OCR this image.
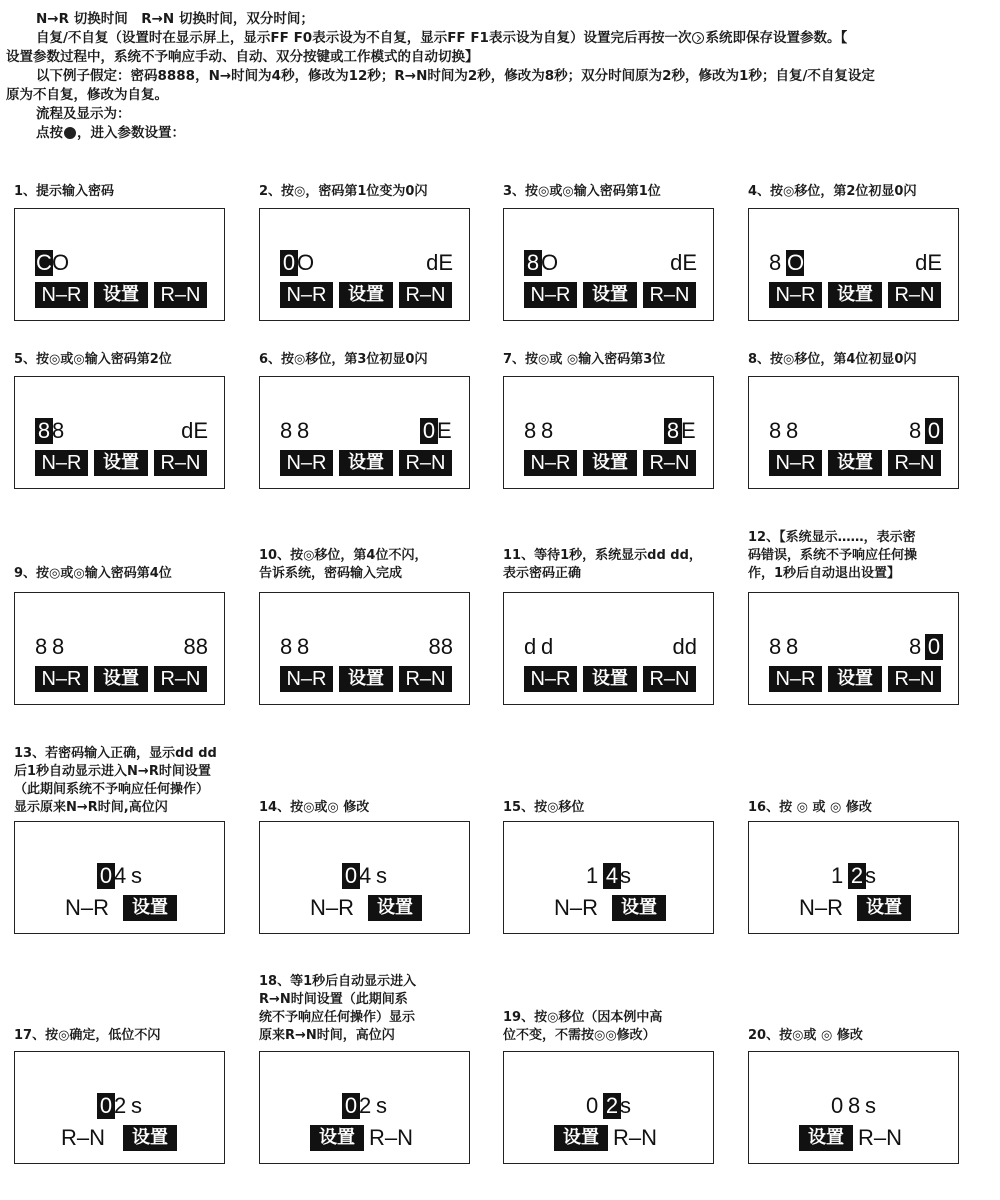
N→R 切换时间　R→N 切换时间，双分时间；
自复/不自复（设置时在显示屏上，显示FF F0表示设为不自复，显示FF F1表示设为自复）设置完后再按一次 系统即保存设置参数。【
设置参数过程中，系统不予响应手动、自动、双分按键或工作模式的自动切换】
以下例子假定：密码8888，N→时间为4秒，修改为12秒；R→N时间为2秒，修改为8秒；双分时间原为2秒，修改为1秒；自复/不自复设定
原为不自复，修改为自复。
流程及显示为：
点按 ，进入参数设置：
1、提示输入密码
C O
N–R	设置	R–N
2、按◎，密码第1位变为0闪
0 O	dE
N–R	设置	R–N
3、按◎或◎输入密码第1位
8 O	dE
N–R	设置	R–N
4、按◎移位，第2位初显0闪
8 O	dE
N–R	设置	R–N
5、按◎或◎输入密码第2位
8 8	dE
N–R	设置	R–N
6、按◎移位，第3位初显0闪
8 8	0 E
N–R	设置	R–N
7、按◎或 ◎输入密码第3位
8 8	8 E
N–R	设置	R–N
8、按◎移位，第4位初显0闪
8 8	8 0
N–R	设置	R–N
9、按◎或◎输入密码第4位
8 8	88
N–R	设置	R–N
10、按◎移位，第4位不闪，
告诉系统，密码输入完成
8 8	88
N–R	设置	R–N
11、等待1秒，系统显示dd dd，
表示密码正确
d d	dd
N–R	设置	R–N
12、【系统显示……，表示密
码错误，系统不予响应任何操
作，1秒后自动退出设置】
8 8	8 0
N–R	设置	R–N
13、若密码输入正确，显示dd dd
后1秒自动显示进入N→R时间设置
（此期间系统不予响应任何操作）
显示原来N→R时间,高位闪
0 4 s
N–R	设置
14、按◎或◎ 修改
0 4 s
N–R	设置
15、按◎移位
1 4 s
N–R	设置
16、按 ◎ 或 ◎ 修改
1 2 s
N–R	设置
17、按◎确定，低位不闪
0 2 s
R–N	设置
18、等1秒后自动显示进入
R→N时间设置（此期间系
统不予响应任何操作）显示
原来R→N时间，高位闪
0 2 s
设置 R–N
19、按◎移位（因本例中高
位不变，不需按◎◎修改）
0 2 s
设置 R–N
20、按◎或 ◎ 修改
0 8 s
设置 R–N
